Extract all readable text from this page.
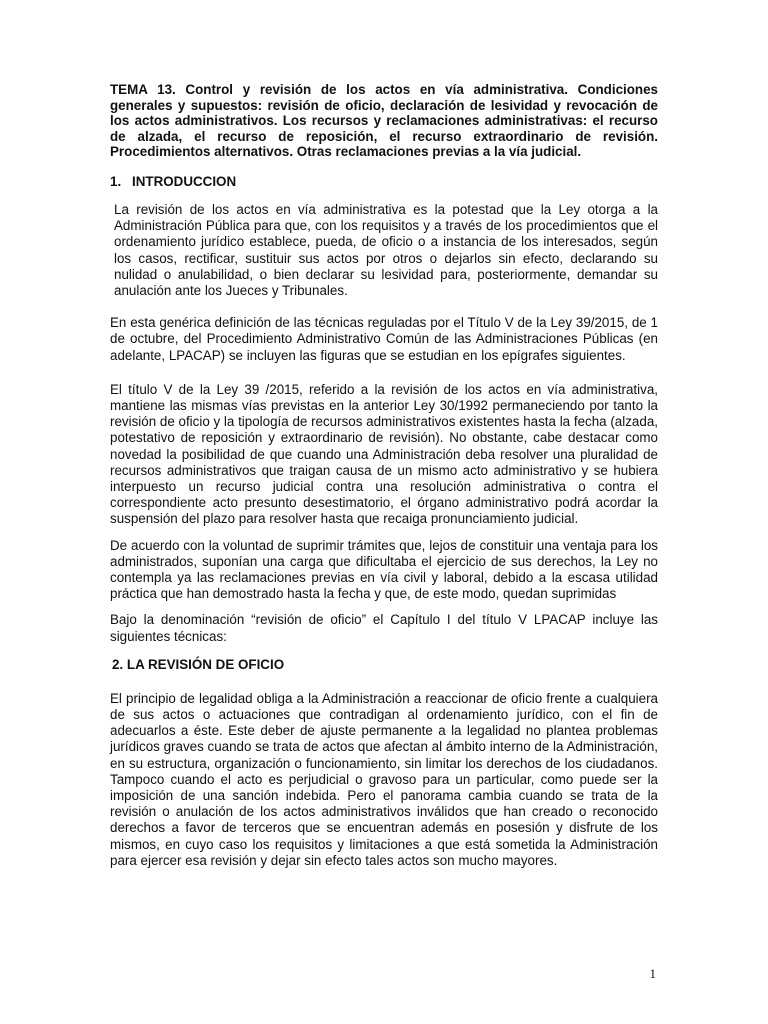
TEMA 13. Control y revisión de los actos en vía administrativa. Condiciones generales y supuestos: revisión de oficio, declaración de lesividad y revocación de los actos administrativos. Los recursos y reclamaciones administrativas: el recurso de alzada, el recurso de reposición, el recurso extraordinario de revisión. Procedimientos alternativos. Otras reclamaciones previas a la vía judicial.

1. INTRODUCCION

La revisión de los actos en vía administrativa es la potestad que la Ley otorga a la Administración Pública para que, con los requisitos y a través de los procedimientos que el ordenamiento jurídico establece, pueda, de oficio o a instancia de los interesados, según los casos, rectificar, sustituir sus actos por otros o dejarlos sin efecto, declarando su nulidad o anulabilidad, o bien declarar su lesividad para, posteriormente, demandar su anulación ante los Jueces y Tribunales.

En esta genérica definición de las técnicas reguladas por el Título V de la Ley 39/2015, de 1 de octubre, del Procedimiento Administrativo Común de las Administraciones Públicas (en adelante, LPACAP) se incluyen las figuras que se estudian en los epígrafes siguientes.

El título V de la Ley 39 /2015, referido a la revisión de los actos en vía administrativa, mantiene las mismas vías previstas en la anterior Ley 30/1992 permaneciendo por tanto la revisión de oficio y la tipología de recursos administrativos existentes hasta la fecha (alzada, potestativo de reposición y extraordinario de revisión). No obstante, cabe destacar como novedad la posibilidad de que cuando una Administración deba resolver una pluralidad de recursos administrativos que traigan causa de un mismo acto administrativo y se hubiera interpuesto un recurso judicial contra una resolución administrativa o contra el correspondiente acto presunto desestimatorio, el órgano administrativo podrá acordar la suspensión del plazo para resolver hasta que recaiga pronunciamiento judicial.

De acuerdo con la voluntad de suprimir trámites que, lejos de constituir una ventaja para los administrados, suponían una carga que dificultaba el ejercicio de sus derechos, la Ley no contempla ya las reclamaciones previas en vía civil y laboral, debido a la escasa utilidad práctica que han demostrado hasta la fecha y que, de este modo, quedan suprimidas

Bajo la denominación “revisión de oficio” el Capítulo I del título V LPACAP incluye las siguientes técnicas:

2. LA REVISIÓN DE OFICIO

El principio de legalidad obliga a la Administración a reaccionar de oficio frente a cualquiera de sus actos o actuaciones que contradigan al ordenamiento jurídico, con el fin de adecuarlos a éste. Este deber de ajuste permanente a la legalidad no plantea problemas jurídicos graves cuando se trata de actos que afectan al ámbito interno de la Administración, en su estructura, organización o funcionamiento, sin limitar los derechos de los ciudadanos. Tampoco cuando el acto es perjudicial o gravoso para un particular, como puede ser la imposición de una sanción indebida. Pero el panorama cambia cuando se trata de la revisión o anulación de los actos administrativos inválidos que han creado o reconocido derechos a favor de terceros que se encuentran además en posesión y disfrute de los mismos, en cuyo caso los requisitos y limitaciones a que está sometida la Administración para ejercer esa revisión y dejar sin efecto tales actos son mucho mayores.

1
